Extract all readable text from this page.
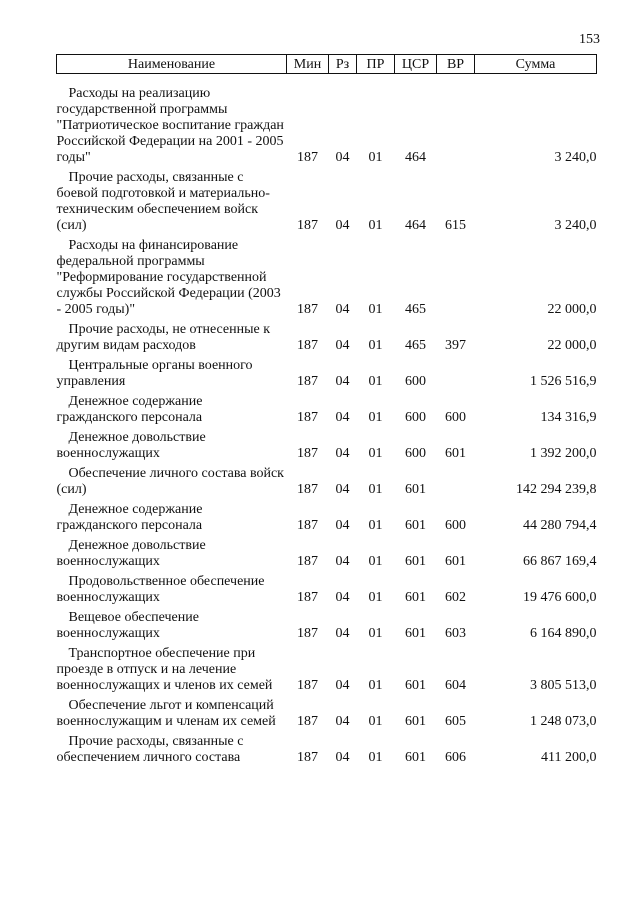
153
Наименование	Мин	Рз	ПР	ЦСР	ВР	Сумма

Расходы на реализацию государственной программы "Патриотическое воспитание граждан Российской Федерации на 2001 - 2005 годы"	187	04	01	464		3 240,0

Прочие расходы, связанные с боевой подготовкой и материально-техническим обеспечением войск (сил)	187	04	01	464	615	3 240,0

Расходы на финансирование федеральной программы "Реформирование государственной службы Российской Федерации (2003 - 2005 годы)"	187	04	01	465		22 000,0

Прочие расходы, не отнесенные к другим видам расходов	187	04	01	465	397	22 000,0

Центральные органы военного управления	187	04	01	600		1 526 516,9

Денежное содержание гражданского персонала	187	04	01	600	600	134 316,9

Денежное довольствие военнослужащих	187	04	01	600	601	1 392 200,0

Обеспечение личного состава войск (сил)	187	04	01	601		142 294 239,8

Денежное содержание гражданского персонала	187	04	01	601	600	44 280 794,4

Денежное довольствие военнослужащих	187	04	01	601	601	66 867 169,4

Продовольственное обеспечение военнослужащих	187	04	01	601	602	19 476 600,0

Вещевое обеспечение военнослужащих	187	04	01	601	603	6 164 890,0

Транспортное обеспечение при проезде в отпуск и на лечение военнослужащих и членов их семей	187	04	01	601	604	3 805 513,0

Обеспечение льгот и компенсаций военнослужащим и членам их семей	187	04	01	601	605	1 248 073,0

Прочие расходы, связанные с обеспечением личного состава	187	04	01	601	606	411 200,0
